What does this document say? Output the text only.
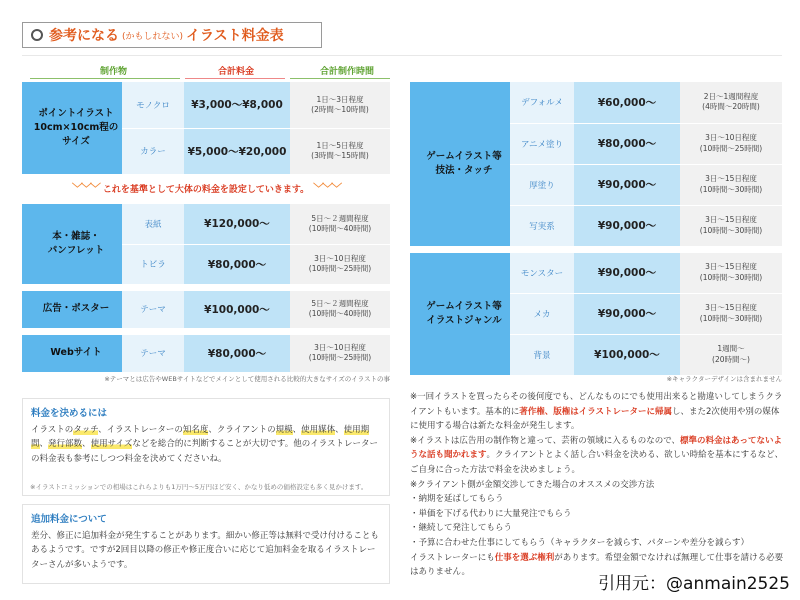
参考になる (かもしれない) イラスト料金表
制作物	合計料金	合計制作時間
ポイントイラスト
10cm×10cm程のサイズ	モノクロ	¥3,000〜¥8,000	1日〜3日程度
(2時間〜10時間)
	カラー	¥5,000〜¥20,000	1日〜5日程度
(3時間〜15時間)
﹀﹀﹀ これを基準として大体の料金を設定していきます。 ﹀﹀﹀
本・雑誌・
パンフレット	表紙	¥120,000〜	5日〜２週間程度
(10時間〜40時間)
	トビラ	¥80,000〜	3日〜10日程度
(10時間〜25時間)

広告・ポスター	テーマ	¥100,000〜	5日〜２週間程度
(10時間〜40時間)

Webサイト	テーマ	¥80,000〜	3日〜10日程度
(10時間〜25時間)
※テーマとは広告やWEBサイトなどでメインとして使用される比較的大きなサイズのイラストの事
ゲームイラスト等
技法・タッチ	デフォルメ	¥60,000〜	2日〜1週間程度
(4時間〜20時間)
	アニメ塗り	¥80,000〜	3日〜10日程度
(10時間〜25時間)
	厚塗り	¥90,000〜	3日〜15日程度
(10時間〜30時間)
	写実系	¥90,000〜	3日〜15日程度
(10時間〜30時間)

ゲームイラスト等
イラストジャンル	モンスター	¥90,000〜	3日〜15日程度
(10時間〜30時間)
	メカ	¥90,000〜	3日〜15日程度
(10時間〜30時間)
	背景	¥100,000〜	1週間〜
(20時間〜)
※キャラクターデザインは含まれません
料金を決めるには
イラストのタッチ、イラストレーターの知名度、クライアントの規模、使用媒体、使用期間、発行部数、使用サイズなどを総合的に判断することが大切です。他のイラストレーターの料金表も参考にしつつ料金を決めてくださいね。
※イラストコミッションでの相場はこれらよりも1万円〜5万円ほど安く、かなり低めの価格設定も多く見かけます。
追加料金について
差分、修正に追加料金が発生することがあります。細かい修正等は無料で受け付けることもあるようです。ですが2回目以降の修正や修正度合いに応じて追加料金を取るイラストレーターさんが多いようです。

※一回イラストを買ったらその後何度でも、どんなものにでも使用出来ると勘違いしてしまうクライアントもいます。基本的に著作権、版権はイラストレーターに帰属し、また2次使用や別の媒体に使用する場合は新たな料金が発生します。

※イラストは広告用の制作物と違って、芸術の領域に入るものなので、標準の料金はあってないような話も聞かれます。クライアントとよく話し合い料金を決める、欲しい時給を基本にするなど、ご自身に合った方法で料金を決めましょう。

※クライアント側が金額交渉してきた場合のオススメの交渉方法

・納期を延ばしてもらう

・単価を下げる代わりに大量発注でもらう

・継続して発注してもらう

・予算に合わせた仕事にしてもらう（キャラクターを減らす、パターンや差分を減らす）

イラストレーターにも仕事を選ぶ権利があります。希望金額でなければ無理して仕事を請ける必要はありません。

引用元：@anmain2525
